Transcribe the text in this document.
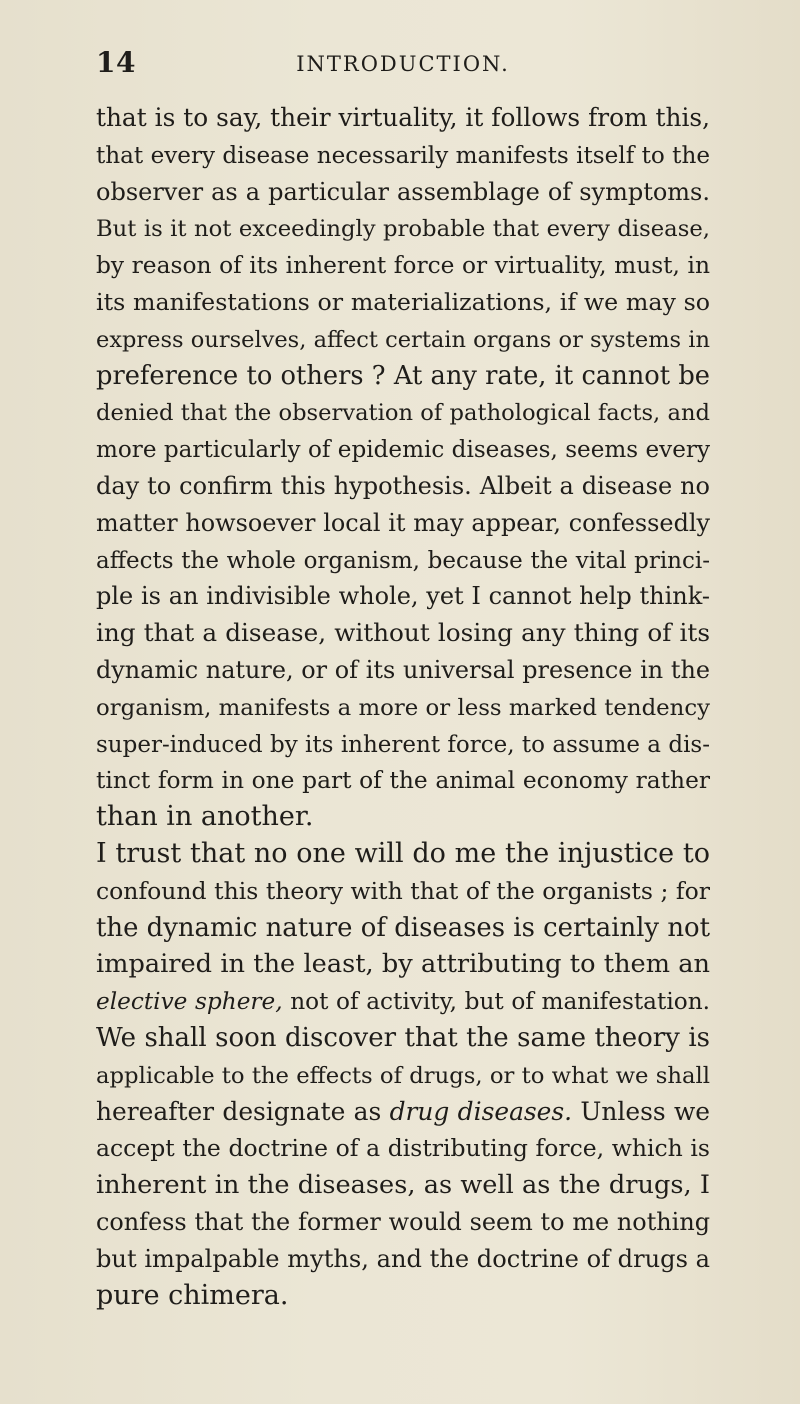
14	INTRODUCTION.
that is to say, their virtuality, it follows from this,
that every disease necessarily manifests itself to the
observer as a particular assemblage of symptoms.
But is it not exceedingly probable that every disease,
by reason of its inherent force or virtuality, must, in
its manifestations or materializations, if we may so
express ourselves, affect certain organs or systems in
preference to others ? At any rate, it cannot be
denied that the observation of pathological facts, and
more particularly of epidemic diseases, seems every
day to confirm this hypothesis. Albeit a disease no
matter howsoever local it may appear, confessedly
affects the whole organism, because the vital princi-
ple is an indivisible whole, yet I cannot help think-
ing that a disease, without losing any thing of its
dynamic nature, or of its universal presence in the
organism, manifests a more or less marked tendency
super-induced by its inherent force, to assume a dis-
tinct form in one part of the animal economy rather
than in another.
I trust that no one will do me the injustice to
confound this theory with that of the organists ; for
the dynamic nature of diseases is certainly not
impaired in the least, by attributing to them an
elective sphere, not of activity, but of manifestation.
We shall soon discover that the same theory is
applicable to the effects of drugs, or to what we shall
hereafter designate as drug diseases. Unless we
accept the doctrine of a distributing force, which is
inherent in the diseases, as well as the drugs, I
confess that the former would seem to me nothing
but impalpable myths, and the doctrine of drugs a
pure chimera.
